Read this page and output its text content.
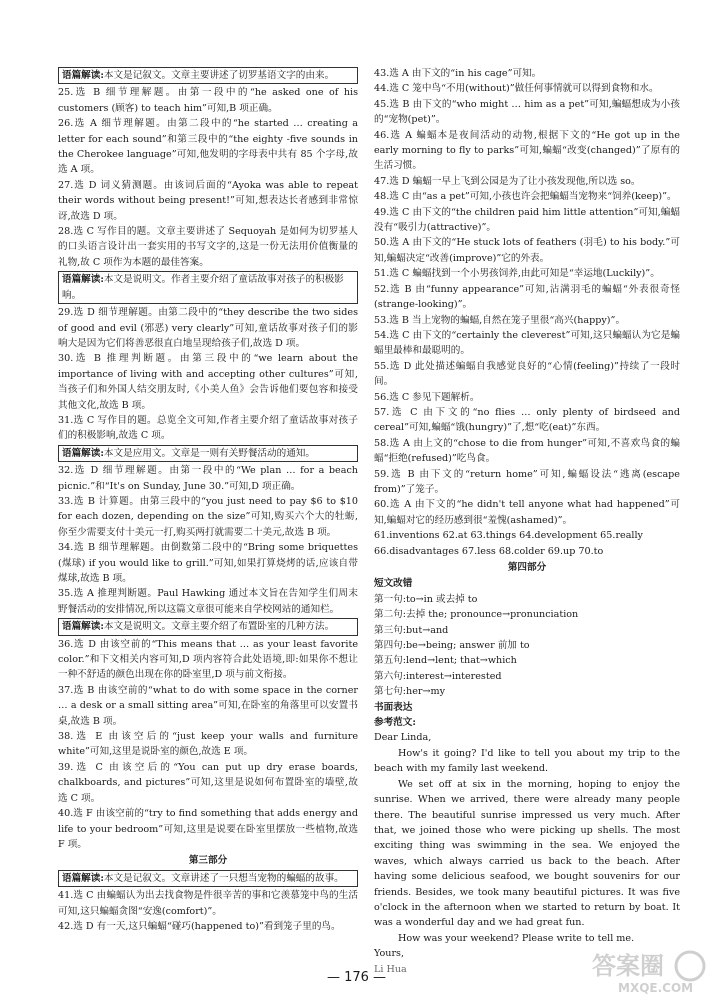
语篇解读:本文是记叙文。文章主要讲述了切罗基语文字的由来。

25.选 B 细节理解题。由第一段中的“he asked one of his customers (顾客) to teach him”可知,B 项正确。

26.选 A 细节理解题。由第二段中的“he started … creating a letter for each sound”和第三段中的“the eighty -five sounds in the Cherokee language”可知,他发明的字母表中共有 85 个字母,故选 A 项。

27.选 D 词义猜测题。由该词后面的“Ayoka was able to repeat their words without being present!”可知,想表达长者感到非常惊讶,故选 D 项。

28.选 C 写作目的题。文章主要讲述了 Sequoyah 是如何为切罗基人的口头语言设计出一套实用的书写文字的,这是一份无法用价值衡量的礼物,故 C 项作为本题的最佳答案。

语篇解读:本文是说明文。作者主要介绍了童话故事对孩子的积极影响。

29.选 D 细节理解题。由第二段中的“they describe the two sides of good and evil (邪恶) very clearly”可知,童话故事对孩子们的影响大是因为它们将善恶很直白地呈现给孩子们,故选 D 项。

30.选 B 推理判断题。由第三段中的“we learn about the importance of living with and accepting other cultures”可知,当孩子们和外国人结交朋友时,《小美人鱼》会告诉他们要包容和接受其他文化,故选 B 项。

31.选 C 写作目的题。总览全文可知,作者主要介绍了童话故事对孩子们的积极影响,故选 C 项。

语篇解读:本文是应用文。文章是一则有关野餐活动的通知。

32.选 D 细节理解题。由第一段中的“We plan … for a beach picnic.”和“It's on Sunday, June 30.”可知,D 项正确。

33.选 B 计算题。由第三段中的“you just need to pay $6 to $10 for each dozen, depending on the size”可知,购买六个大的牡蛎,你至少需要支付十美元一打,购买两打就需要二十美元,故选 B 项。

34.选 B 细节理解题。由倒数第二段中的“Bring some briquettes (煤球) if you would like to grill.”可知,如果打算烧烤的话,应该自带煤球,故选 B 项。

35.选 A 推理判断题。Paul Hawking 通过本文旨在告知学生们周末野餐活动的安排情况,所以这篇文章很可能来自学校网站的通知栏。

语篇解读:本文是说明文。文章主要介绍了布置卧室的几种方法。

36.选 D 由该空前的“This means that … as your least favorite color.”和下文相关内容可知,D 项内容符合此处语境,即:如果你不想让一种不舒适的颜色出现在你的卧室里,D 项与前文衔接。

37.选 B 由该空前的“what to do with some space in the corner … a desk or a small sitting area”可知,在卧室的角落里可以安置书桌,故选 B 项。

38.选 E 由该空后的“just keep your walls and furniture white”可知,这里是说卧室的颜色,故选 E 项。

39.选 C 由该空后的“You can put up dry erase boards, chalkboards, and pictures”可知,这里是说如何布置卧室的墙壁,故选 C 项。

40.选 F 由该空前的“try to find something that adds energy and life to your bedroom”可知,这里是说要在卧室里摆放一些植物,故选 F 项。

第三部分
语篇解读:本文是记叙文。文章讲述了一只想当宠物的蝙蝠的故事。

41.选 C 由蝙蝠认为出去找食物是件很辛苦的事和它羡慕笼中鸟的生活可知,这只蝙蝠贪图“安逸(comfort)”。

42.选 D 有一天,这只蝙蝠“碰巧(happened to)”看到笼子里的鸟。

43.选 A 由下文的“in his cage”可知。

44.选 C 笼中鸟“不用(without)”做任何事情就可以得到食物和水。

45.选 B 由下文的“who might … him as a pet”可知,蝙蝠想成为小孩的“宠物(pet)”。

46.选 A 蝙蝠本是夜间活动的动物,根据下文的“He got up in the early morning to fly to parks”可知,蝙蝠“改变(changed)”了原有的生活习惯。

47.选 D 蝙蝠一早上飞到公园是为了让小孩发现他,所以选 so。

48.选 C 由“as a pet”可知,小孩也许会把蝙蝠当宠物来“饲养(keep)”。

49.选 C 由下文的“the children paid him little attention”可知,蝙蝠没有“吸引力(attractive)”。

50.选 A 由下文的“He stuck lots of feathers (羽毛) to his body.”可知,蝙蝠决定“改善(improve)”它的外表。

51.选 C 蝙蝠找到一个小男孩饲养,由此可知是“幸运地(Luckily)”。

52.选 B 由“funny appearance”可知,沾满羽毛的蝙蝠“外表很奇怪(strange-looking)”。

53.选 B 当上宠物的蝙蝠,自然在笼子里很“高兴(happy)”。

54.选 C 由下文的“certainly the cleverest”可知,这只蝙蝠认为它是蝙蝠里最棒和最聪明的。

55.选 D 此处描述蝙蝠自我感觉良好的“心情(feeling)”持续了一段时间。

56.选 C 参见下题解析。

57.选 C 由下文的“no flies … only plenty of birdseed and cereal”可知,蝙蝠“饿(hungry)”了,想“吃(eat)”东西。

58.选 A 由上文的“chose to die from hunger”可知,不喜欢鸟食的蝙蝠“拒绝(refused)”吃鸟食。

59.选 B 由下文的“return home”可知,蝙蝠设法“逃离(escape from)”了笼子。

60.选 A 由下文的“he didn't tell anyone what had happened”可知,蝙蝠对它的经历感到很“羞愧(ashamed)”。

61.inventions 62.at 63.things 64.development 65.really

66.disadvantages 67.less 68.colder 69.up 70.to

第四部分
短文改错

第一句:to→in 或去掉 to

第二句:去掉 the; pronounce→pronunciation

第三句:but→and

第四句:be→being; answer 前加 to

第五句:lend→lent; that→which

第六句:interest→interested

第七句:her→my

书面表达
参考范文:

Dear Linda,

How's it going? I'd like to tell you about my trip to the beach with my family last weekend.

We set off at six in the morning, hoping to enjoy the sunrise. When we arrived, there were already many people there. The beautiful sunrise impressed us very much. After that, we joined those who were picking up shells. The most exciting thing was swimming in the sea. We enjoyed the waves, which always carried us back to the beach. After having some delicious seafood, we bought souvenirs for our friends. Besides, we took many beautiful pictures. It was five o'clock in the afternoon when we started to return by boat. It was a wonderful day and we had great fun.

How was your weekend? Please write to tell me.

Yours,

Li Hua

— 176 —	答案圈
MXQE.COM
